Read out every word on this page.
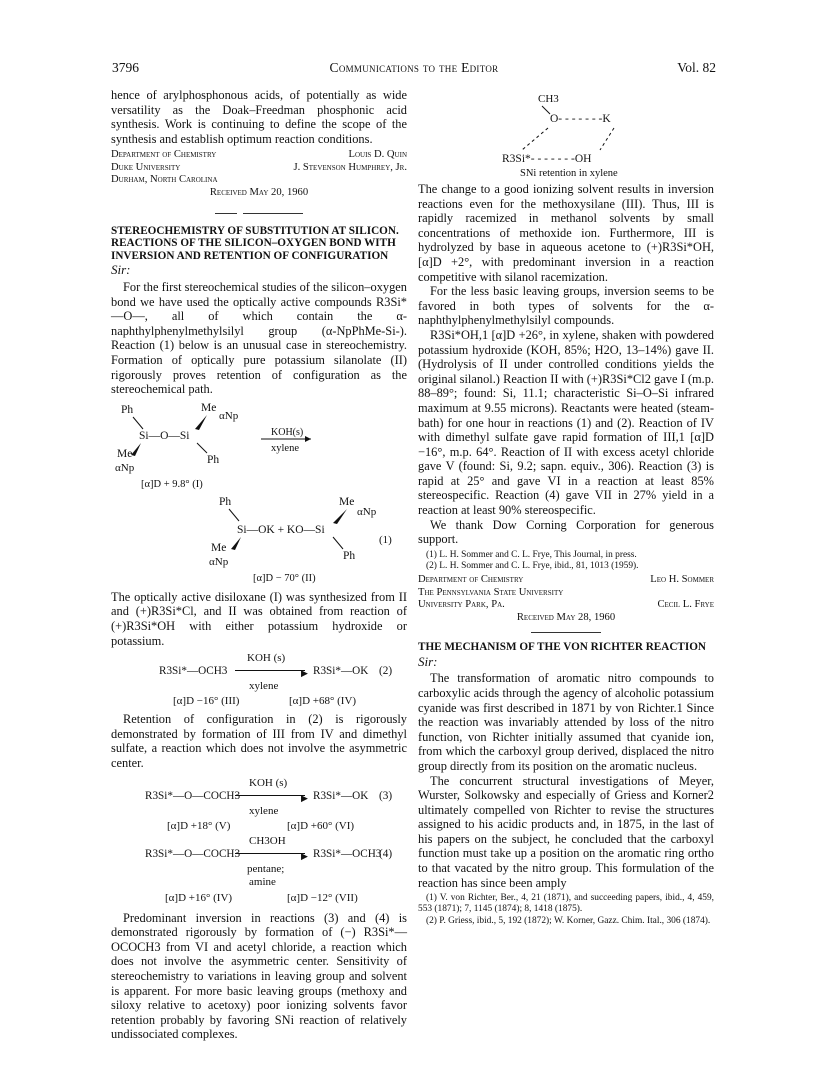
3796	Communications to the Editor	Vol. 82

hence of arylphosphonous acids, of potentially as wide versatility as the Doak–Freedman phosphonic acid synthesis. Work is continuing to define the scope of the synthesis and establish optimum reaction conditions.

Department of Chemistry	Louis D. Quin
Duke University	J. Stevenson Humphrey, Jr.
Durham, North Carolina
Received May 20, 1960
STEREOCHEMISTRY OF SUBSTITUTION AT SILICON. REACTIONS OF THE SILICON–OXYGEN BOND WITH INVERSION AND RETENTION OF CONFIGURATION
Sir:

For the first stereochemical studies of the silicon–oxygen bond we have used the optically active compounds R3Si*—O—, all of which contain the α-naphthylphenylmethylsilyl group (α-NpPhMe-Si-). Reaction (1) below is an unusual case in stereochemistry. Formation of optically pure potassium silanolate (II) rigorously proves retention of configuration as the stereochemical path.

Ph	Me
αNp
Si—O—Si
Me
αNp
Ph
KOH(s)
xylene
[α]D + 9.8° (I)
Ph	Me
αNp
Si—OK + KO—Si
(1)
Me
αNp	Ph
[α]D − 70° (II)

The optically active disiloxane (I) was synthesized from II and (+)R3Si*Cl, and II was obtained from reaction of (+)R3Si*OH with either potassium hydroxide or potassium.

KOH (s)
R3Si*—OCH3	▶ R3Si*—OK (2)
xylene
[α]D −16° (III)	[α]D +68° (IV)

Retention of configuration in (2) is rigorously demonstrated by formation of III from IV and dimethyl sulfate, a reaction which does not involve the asymmetric center.

KOH (s)
R3Si*—O—COCH3	▶ R3Si*—OK (3)
xylene
[α]D +18° (V)	[α]D +60° (VI)
CH3OH
R3Si*—O—COCH3	▶ R3Si*—OCH3
(4)
pentane;
amine
[α]D +16° (IV)	[α]D −12° (VII)

Predominant inversion in reactions (3) and (4) is demonstrated rigorously by formation of (−) R3Si*—OCOCH3 from VI and acetyl chloride, a reaction which does not involve the asymmetric center. Sensitivity of stereochemistry to variations in leaving group and solvent is apparent. For more basic leaving groups (methoxy and siloxy relative to acetoxy) poor ionizing solvents favor retention probably by favoring SNi reaction of relatively undissociated complexes.

CH3
O- - - - - - -K
R3Si*- - - - - - -OH
SNi retention in xylene

The change to a good ionizing solvent results in inversion reactions even for the methoxysilane (III). Thus, III is rapidly racemized in methanol solvents by small concentrations of methoxide ion. Furthermore, III is hydrolyzed by base in aqueous acetone to (+)R3Si*OH, [α]D +2°, with predominant inversion in a reaction competitive with silanol racemization.

For the less basic leaving groups, inversion seems to be favored in both types of solvents for the α-naphthylphenylmethylsilyl compounds.

R3Si*OH,1 [α]D +26°, in xylene, shaken with powdered potassium hydroxide (KOH, 85%; H2O, 13–14%) gave II. (Hydrolysis of II under controlled conditions yields the original silanol.) Reaction II with (+)R3Si*Cl2 gave I (m.p. 88–89°; found: Si, 11.1; characteristic Si–O–Si infrared maximum at 9.55 microns). Reactants were heated (steam-bath) for one hour in reactions (1) and (2). Reaction of IV with dimethyl sulfate gave rapid formation of III,1 [α]D −16°, m.p. 64°. Reaction of II with excess acetyl chloride gave V (found: Si, 9.2; sapn. equiv., 306). Reaction (3) is rapid at 25° and gave VI in a reaction at least 85% stereospecific. Reaction (4) gave VII in 27% yield in a reaction at least 90% stereospecific.

We thank Dow Corning Corporation for generous support.

(1) L. H. Sommer and C. L. Frye, This Journal, in press.
(2) L. H. Sommer and C. L. Frye, ibid., 81, 1013 (1959).
Department of Chemistry	Leo H. Sommer
The Pennsylvania State University
University Park, Pa.	Cecil L. Frye
Received May 28, 1960
THE MECHANISM OF THE VON RICHTER REACTION
Sir:

The transformation of aromatic nitro compounds to carboxylic acids through the agency of alcoholic potassium cyanide was first described in 1871 by von Richter.1 Since the reaction was invariably attended by loss of the nitro function, von Richter initially assumed that cyanide ion, from which the carboxyl group derived, displaced the nitro group directly from its position on the aromatic nucleus.

The concurrent structural investigations of Meyer, Wurster, Solkowsky and especially of Griess and Korner2 ultimately compelled von Richter to revise the structures assigned to his acidic products and, in 1875, in the last of his papers on the subject, he concluded that the carboxyl function must take up a position on the aromatic ring ortho to that vacated by the nitro group. This formulation of the reaction has since been amply

(1) V. von Richter, Ber., 4, 21 (1871), and succeeding papers, ibid., 4, 459, 553 (1871); 7, 1145 (1874); 8, 1418 (1875).
(2) P. Griess, ibid., 5, 192 (1872); W. Korner, Gazz. Chim. Ital., 306 (1874).
